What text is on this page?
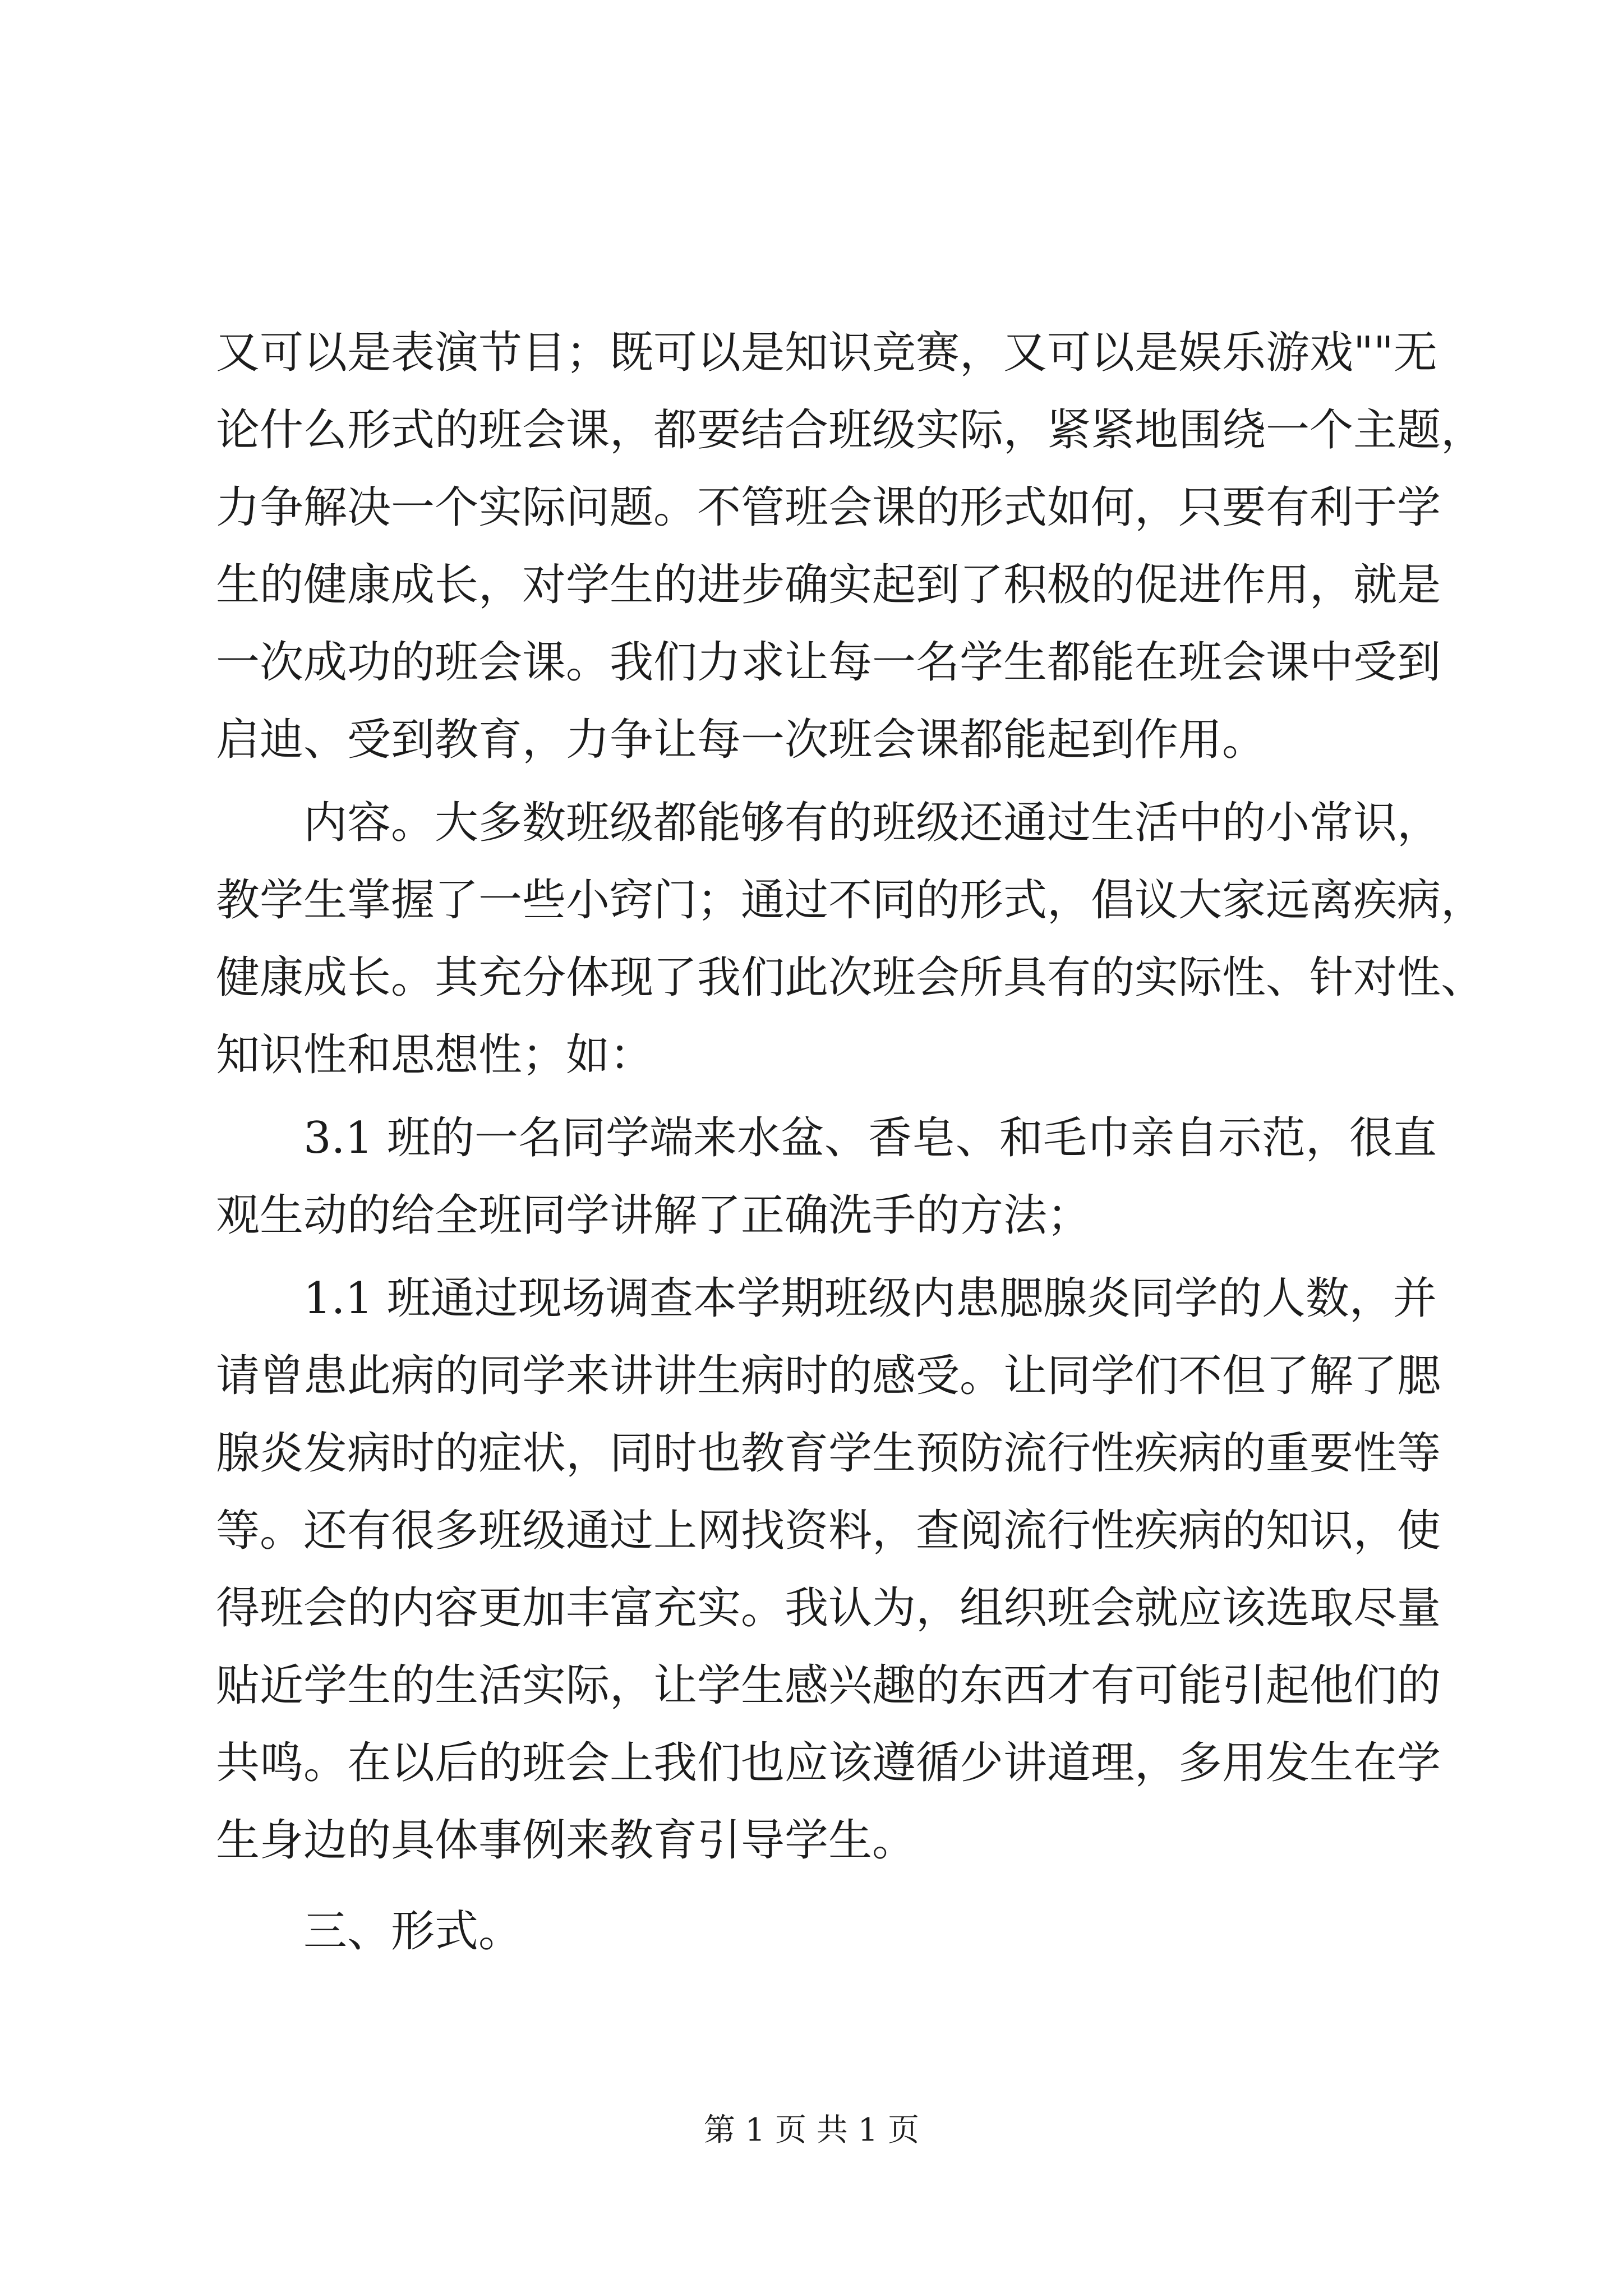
又可以是表演节目；既可以是知识竞赛，又可以是娱乐游戏""无
论什么形式的班会课，都要结合班级实际，紧紧地围绕一个主题，
力争解决一个实际问题。不管班会课的形式如何，只要有利于学
生的健康成长，对学生的进步确实起到了积极的促进作用，就是
一次成功的班会课。我们力求让每一名学生都能在班会课中受到
启迪、受到教育，力争让每一次班会课都能起到作用。
内容。大多数班级都能够有的班级还通过生活中的小常识，
教学生掌握了一些小窍门；通过不同的形式，倡议大家远离疾病，
健康成长。其充分体现了我们此次班会所具有的实际性、针对性、
知识性和思想性；如：
3.1 班的一名同学端来水盆、香皂、和毛巾亲自示范，很直
观生动的给全班同学讲解了正确洗手的方法；
1.1 班通过现场调查本学期班级内患腮腺炎同学的人数，并
请曾患此病的同学来讲讲生病时的感受。让同学们不但了解了腮
腺炎发病时的症状，同时也教育学生预防流行性疾病的重要性等
等。还有很多班级通过上网找资料，查阅流行性疾病的知识，使
得班会的内容更加丰富充实。我认为，组织班会就应该选取尽量
贴近学生的生活实际，让学生感兴趣的东西才有可能引起他们的
共鸣。在以后的班会上我们也应该遵循少讲道理，多用发生在学
生身边的具体事例来教育引导学生。
三、形式。
第 1 页 共 1 页
